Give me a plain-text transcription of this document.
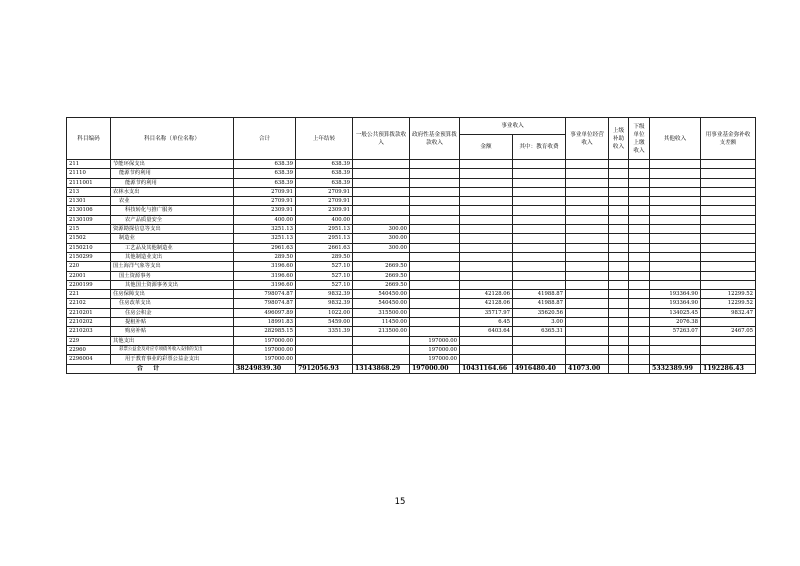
科目编码	科目名称（单位名称）	合计	上年结转	一般公共预算拨款收入	政府性基金预算拨款收入	事业收入		事业单位经营收入	上级补助收入	下级单位上缴收入	其他收入	用事业基金弥补收支差额
						金额	其中：教育收费					
211	节能环保支出	638.39	638.39									
21110	能源节约利用	638.39	638.39									
2111001	能源节约利用	638.39	638.39									
213	农林水支出	2709.91	2709.91									
21301	农业	2709.91	2709.91									
2130106	科技转化与推广服务	2309.91	2309.91									
2130109	农产品质量安全	400.00	400.00									
215	资源勘探信息等支出	3251.13	2951.13	300.00								
21502	制造业	3251.13	2951.13	300.00								
2150210	工艺品及其他制造业	2961.63	2661.63	300.00								
2150299	其他制造业支出	289.50	289.50									
220	国土海洋气象等支出	3196.60	527.10	2669.50								
22001	国土资源事务	3196.60	527.10	2669.50								
2200199	其他国土资源事务支出	3196.60	527.10	2669.50								
221	住房保障支出	798074.87	9832.39	540450.00		42128.06	41988.87				193364.90	12299.52
22102	住房改革支出	798074.87	9832.39	540450.00		42128.06	41988.87				193364.90	12299.52
2210201	住房公积金	496097.89	1022.00	315500.00		35717.97	35620.56				134025.45	9832.47
2210202	提租补贴	18991.83	5459.00	11450.00		6.45	3.00				2076.38	
2210203	购房补贴	282985.15	3351.39	213500.00		6403.64	6365.31				57263.07	2467.05
229	其他支出	197000.00			197000.00							
22960	彩票公益金及对应专项债务收入安排的支出	197000.00			197000.00							
2296004	用于教育事业的彩票公益金支出	197000.00			197000.00							
合 计		38249839.30	7912056.93	13143868.29	197000.00	10431164.66	4916480.40	41073.00			5332389.99	1192286.43
15
